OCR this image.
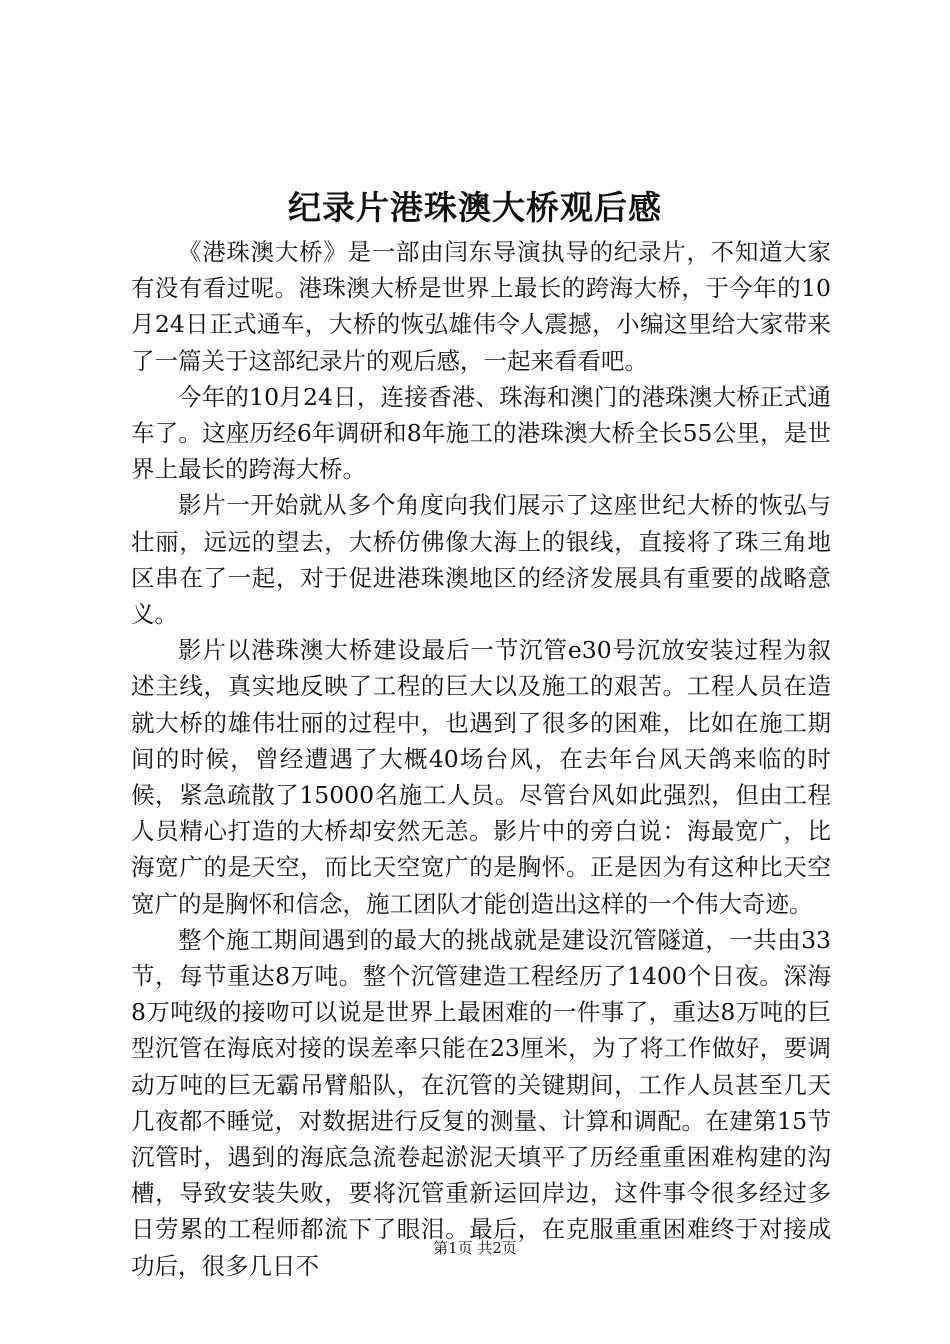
纪录片港珠澳大桥观后感

《港珠澳大桥》是一部由闫东导演执导的纪录片，不知道大家有没有看过呢。港珠澳大桥是世界上最长的跨海大桥，于今年的10月24日正式通车，大桥的恢弘雄伟令人震撼，小编这里给大家带来了一篇关于这部纪录片的观后感，一起来看看吧。

今年的10月24日，连接香港、珠海和澳门的港珠澳大桥正式通车了。这座历经6年调研和8年施工的港珠澳大桥全长55公里，是世界上最长的跨海大桥。

影片一开始就从多个角度向我们展示了这座世纪大桥的恢弘与壮丽，远远的望去，大桥仿佛像大海上的银线，直接将了珠三角地区串在了一起，对于促进港珠澳地区的经济发展具有重要的战略意义。

影片以港珠澳大桥建设最后一节沉管e30号沉放安装过程为叙述主线，真实地反映了工程的巨大以及施工的艰苦。工程人员在造就大桥的雄伟壮丽的过程中，也遇到了很多的困难，比如在施工期间的时候，曾经遭遇了大概40场台风，在去年台风天鸽来临的时候，紧急疏散了15000名施工人员。尽管台风如此强烈，但由工程人员精心打造的大桥却安然无恙。影片中的旁白说：海最宽广，比海宽广的是天空，而比天空宽广的是胸怀。正是因为有这种比天空宽广的是胸怀和信念，施工团队才能创造出这样的一个伟大奇迹。

整个施工期间遇到的最大的挑战就是建设沉管隧道，一共由33节，每节重达8万吨。整个沉管建造工程经历了1400个日夜。深海8万吨级的接吻可以说是世界上最困难的一件事了，重达8万吨的巨型沉管在海底对接的误差率只能在23厘米，为了将工作做好，要调动万吨的巨无霸吊臂船队，在沉管的关键期间，工作人员甚至几天几夜都不睡觉，对数据进行反复的测量、计算和调配。在建第15节沉管时，遇到的海底急流卷起淤泥天填平了历经重重困难构建的沟槽，导致安装失败，要将沉管重新运回岸边，这件事令很多经过多日劳累的工程师都流下了眼泪。最后，在克服重重困难终于对接成功后，很多几日不

第1页 共2页
